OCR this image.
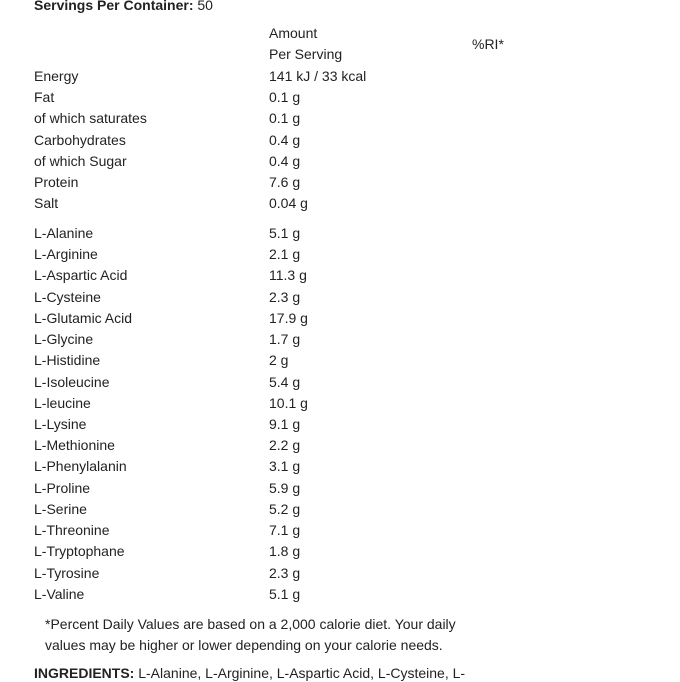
Servings Per Container: 50
Amount
Per Serving
%RI*
Energy	141 kJ / 33 kcal
Fat	0.1 g
of which saturates	0.1 g
Carbohydrates	0.4 g
of which Sugar	0.4 g
Protein	7.6 g
Salt	0.04 g
L-Alanine	5.1 g
L-Arginine	2.1 g
L-Aspartic Acid	11.3 g
L-Cysteine	2.3 g
L-Glutamic Acid	17.9 g
L-Glycine	1.7 g
L-Histidine	2 g
L-Isoleucine	5.4 g
L-leucine	10.1 g
L-Lysine	9.1 g
L-Methionine	2.2 g
L-Phenylalanin	3.1 g
L-Proline	5.9 g
L-Serine	5.2 g
L-Threonine	7.1 g
L-Tryptophane	1.8 g
L-Tyrosine	2.3 g
L-Valine	5.1 g
*Percent Daily Values are based on a 2,000 calorie diet. Your daily values may be higher or lower depending on your calorie needs.
INGREDIENTS: L-Alanine, L-Arginine, L-Aspartic Acid, L-Cysteine, L-
